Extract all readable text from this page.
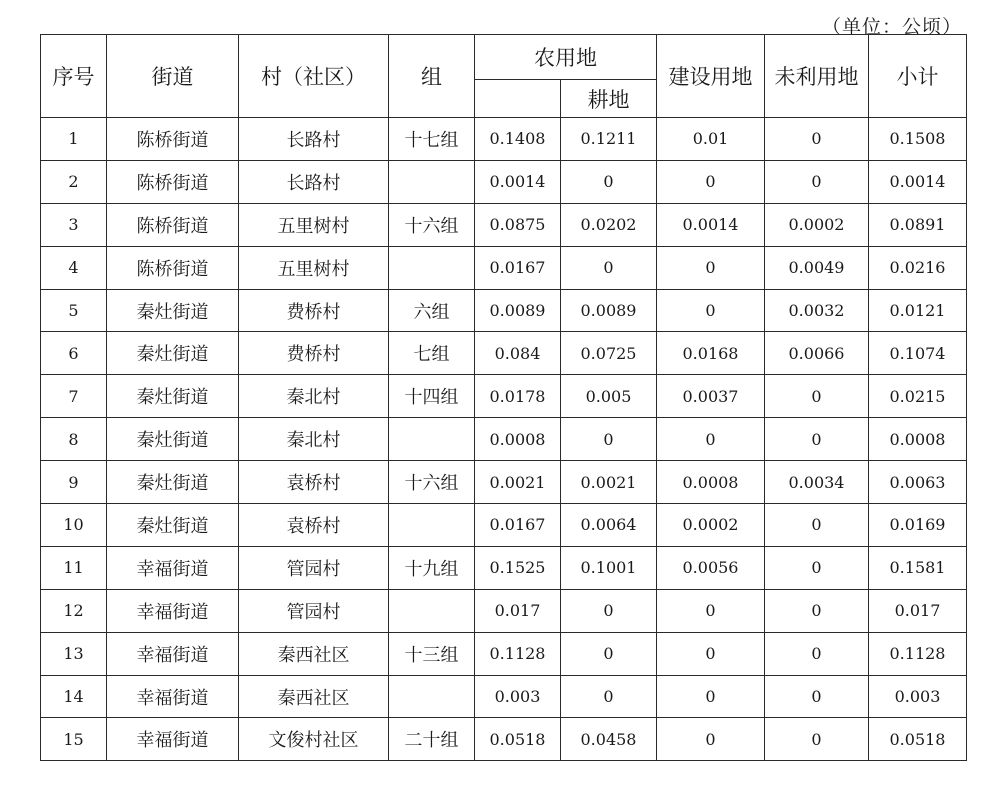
（单位：公顷）
序号	街道	村（社区）	组	农用地		建设用地	未利用地	小计
					耕地			
1	陈桥街道	长路村	十七组	0.1408	0.1211	0.01	0	0.1508
2	陈桥街道	长路村		0.0014	0	0	0	0.0014
3	陈桥街道	五里树村	十六组	0.0875	0.0202	0.0014	0.0002	0.0891
4	陈桥街道	五里树村		0.0167	0	0	0.0049	0.0216
5	秦灶街道	费桥村	六组	0.0089	0.0089	0	0.0032	0.0121
6	秦灶街道	费桥村	七组	0.084	0.0725	0.0168	0.0066	0.1074
7	秦灶街道	秦北村	十四组	0.0178	0.005	0.0037	0	0.0215
8	秦灶街道	秦北村		0.0008	0	0	0	0.0008
9	秦灶街道	袁桥村	十六组	0.0021	0.0021	0.0008	0.0034	0.0063
10	秦灶街道	袁桥村		0.0167	0.0064	0.0002	0	0.0169
11	幸福街道	管园村	十九组	0.1525	0.1001	0.0056	0	0.1581
12	幸福街道	管园村		0.017	0	0	0	0.017
13	幸福街道	秦西社区	十三组	0.1128	0	0	0	0.1128
14	幸福街道	秦西社区		0.003	0	0	0	0.003
15	幸福街道	文俊村社区	二十组	0.0518	0.0458	0	0	0.0518
